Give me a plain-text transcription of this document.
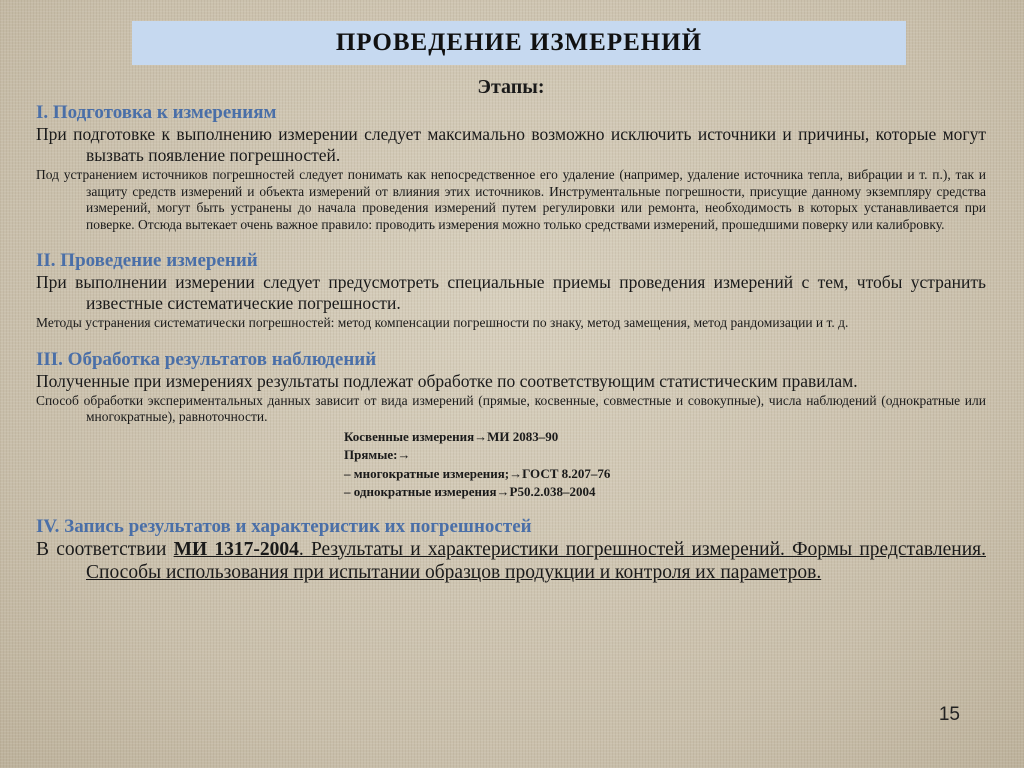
ПРОВЕДЕНИЕ ИЗМЕРЕНИЙ

Этапы:

I. Подготовка к измерениям

При подготовке к выполнению измерении следует максимально возможно исключить источники и причины, которые могут вызвать появление погрешностей.

Под устранением источников погрешностей следует понимать как непосредственное его удаление (например, удаление источника тепла, вибрации и т. п.), так и защиту средств измерений и объекта измерений от влияния этих источников. Инструментальные погрешности, присущие данному экземпляру средства измерений, могут быть устранены до начала проведения измерений путем регулировки или ремонта, необходимость в которых устанавливается при поверке. Отсюда вытекает очень важное правило: проводить измерения можно только средствами измерений, прошедшими поверку или калибровку.

II. Проведение измерений

При выполнении измерении следует предусмотреть специальные приемы проведения измерений с тем, чтобы устранить известные систематические погрешности.

Методы устранения систематически погрешностей: метод компенсации погрешности по знаку, метод замещения, метод рандомизации и т. д.

III. Обработка результатов наблюдений

Полученные при измерениях результаты подлежат обработке по соответствующим статистическим правилам.

Способ обработки экспериментальных данных зависит от вида измерений (прямые, косвенные, совместные и совокупные), числа наблюдений (однократные или многократные), равноточности.

Косвенные измерения→МИ 2083–90
Прямые:→
– многократные измерения;→ГОСТ 8.207–76
– однократные измерения→Р50.2.038–2004

IV. Запись результатов и характеристик их погрешностей

В соответствии МИ 1317-2004. Результаты и характеристики погрешностей измерений. Формы представления. Способы использования при испытании образцов продукции и контроля их параметров.

15
